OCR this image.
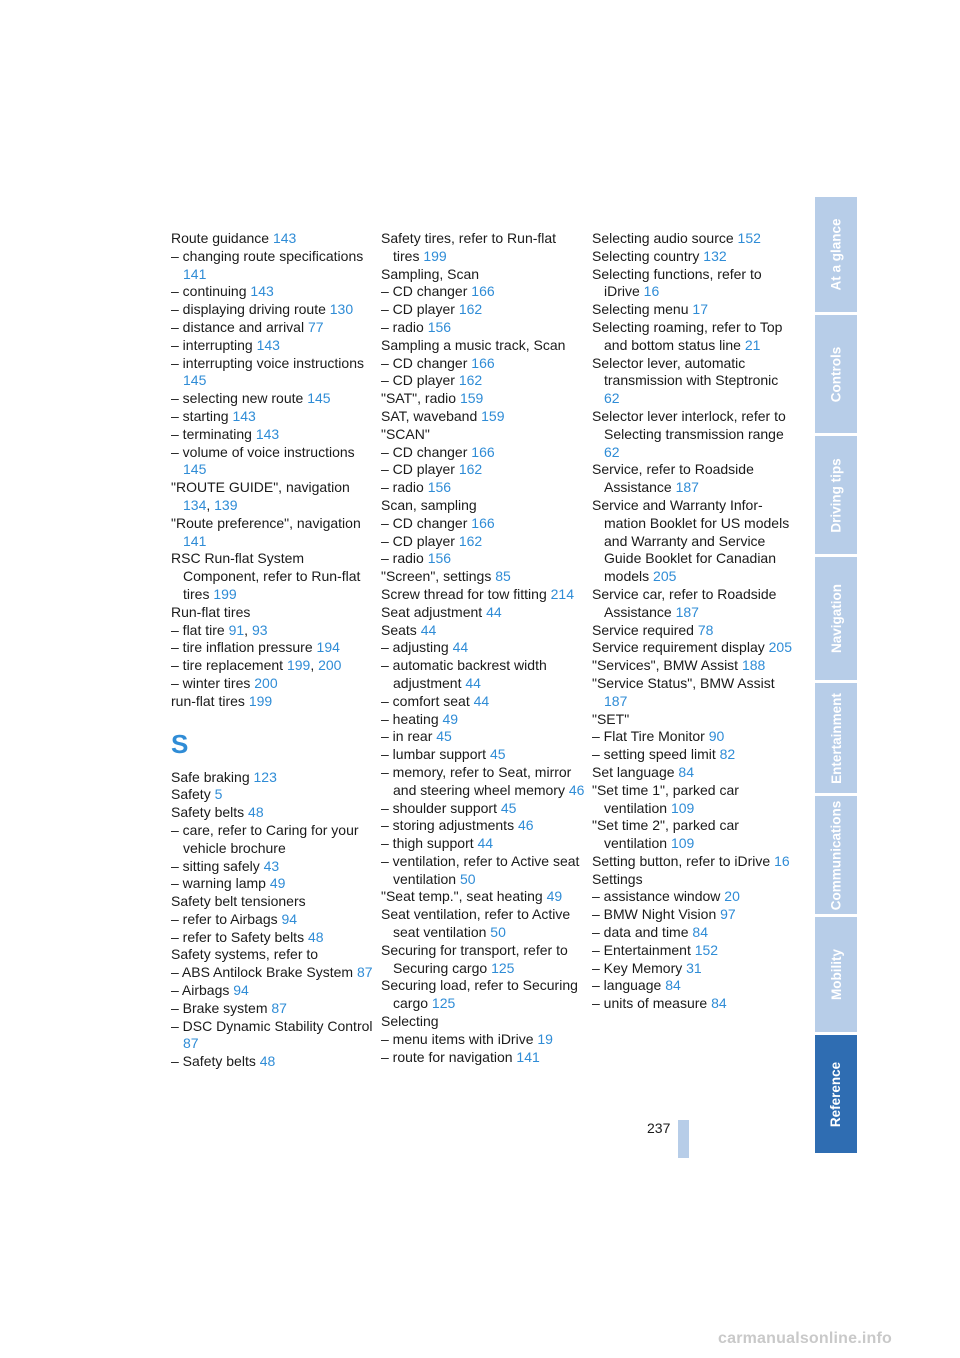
Route guidance 143
– changing route specifications 141
– continuing 143
– displaying driving route 130
– distance and arrival 77
– interrupting 143
– interrupting voice instructions 145
– selecting new route 145
– starting 143
– terminating 143
– volume of voice instructions 145
"ROUTE GUIDE", navigation 134, 139
"Route preference", navigation 141
RSC Run-flat System Component, refer to Run-flat tires 199
Run-flat tires
– flat tire 91, 93
– tire inflation pressure 194
– tire replacement 199, 200
– winter tires 200
run-flat tires 199
S
Safe braking 123
Safety 5
Safety belts 48
– care, refer to Caring for your vehicle brochure
– sitting safely 43
– warning lamp 49
Safety belt tensioners
– refer to Airbags 94
– refer to Safety belts 48
Safety systems, refer to
– ABS Antilock Brake System 87
– Airbags 94
– Brake system 87
– DSC Dynamic Stability Control 87
– Safety belts 48
Safety tires, refer to Run-flat tires 199
Sampling, Scan
– CD changer 166
– CD player 162
– radio 156
Sampling a music track, Scan
– CD changer 166
– CD player 162
"SAT", radio 159
SAT, waveband 159
"SCAN"
– CD changer 166
– CD player 162
– radio 156
Scan, sampling
– CD changer 166
– CD player 162
– radio 156
"Screen", settings 85
Screw thread for tow fitting 214
Seat adjustment 44
Seats 44
– adjusting 44
– automatic backrest width adjustment 44
– comfort seat 44
– heating 49
– in rear 45
– lumbar support 45
– memory, refer to Seat, mirror and steering wheel memory 46
– shoulder support 45
– storing adjustments 46
– thigh support 44
– ventilation, refer to Active seat ventilation 50
"Seat temp.", seat heating 49
Seat ventilation, refer to Active seat ventilation 50
Securing for transport, refer to Securing cargo 125
Securing load, refer to Securing cargo 125
Selecting
– menu items with iDrive 19
– route for navigation 141
Selecting audio source 152
Selecting country 132
Selecting functions, refer to iDrive 16
Selecting menu 17
Selecting roaming, refer to Top and bottom status line 21
Selector lever, automatic transmission with Steptronic 62
Selector lever interlock, refer to Selecting transmission range 62
Service, refer to Roadside Assistance 187
Service and Warranty Infor-mation Booklet for US models and Warranty and Service Guide Booklet for Canadian models 205
Service car, refer to Roadside Assistance 187
Service required 78
Service requirement display 205
"Services", BMW Assist 188
"Service Status", BMW Assist 187
"SET"
– Flat Tire Monitor 90
– setting speed limit 82
Set language 84
"Set time 1", parked car ventilation 109
"Set time 2", parked car ventilation 109
Setting button, refer to iDrive 16
Settings
– assistance window 20
– BMW Night Vision 97
– data and time 84
– Entertainment 152
– Key Memory 31
– language 84
– units of measure 84
At a glance
Controls
Driving tips
Navigation
Entertainment
Communications
Mobility
Reference
237
carmanualsonline.info
